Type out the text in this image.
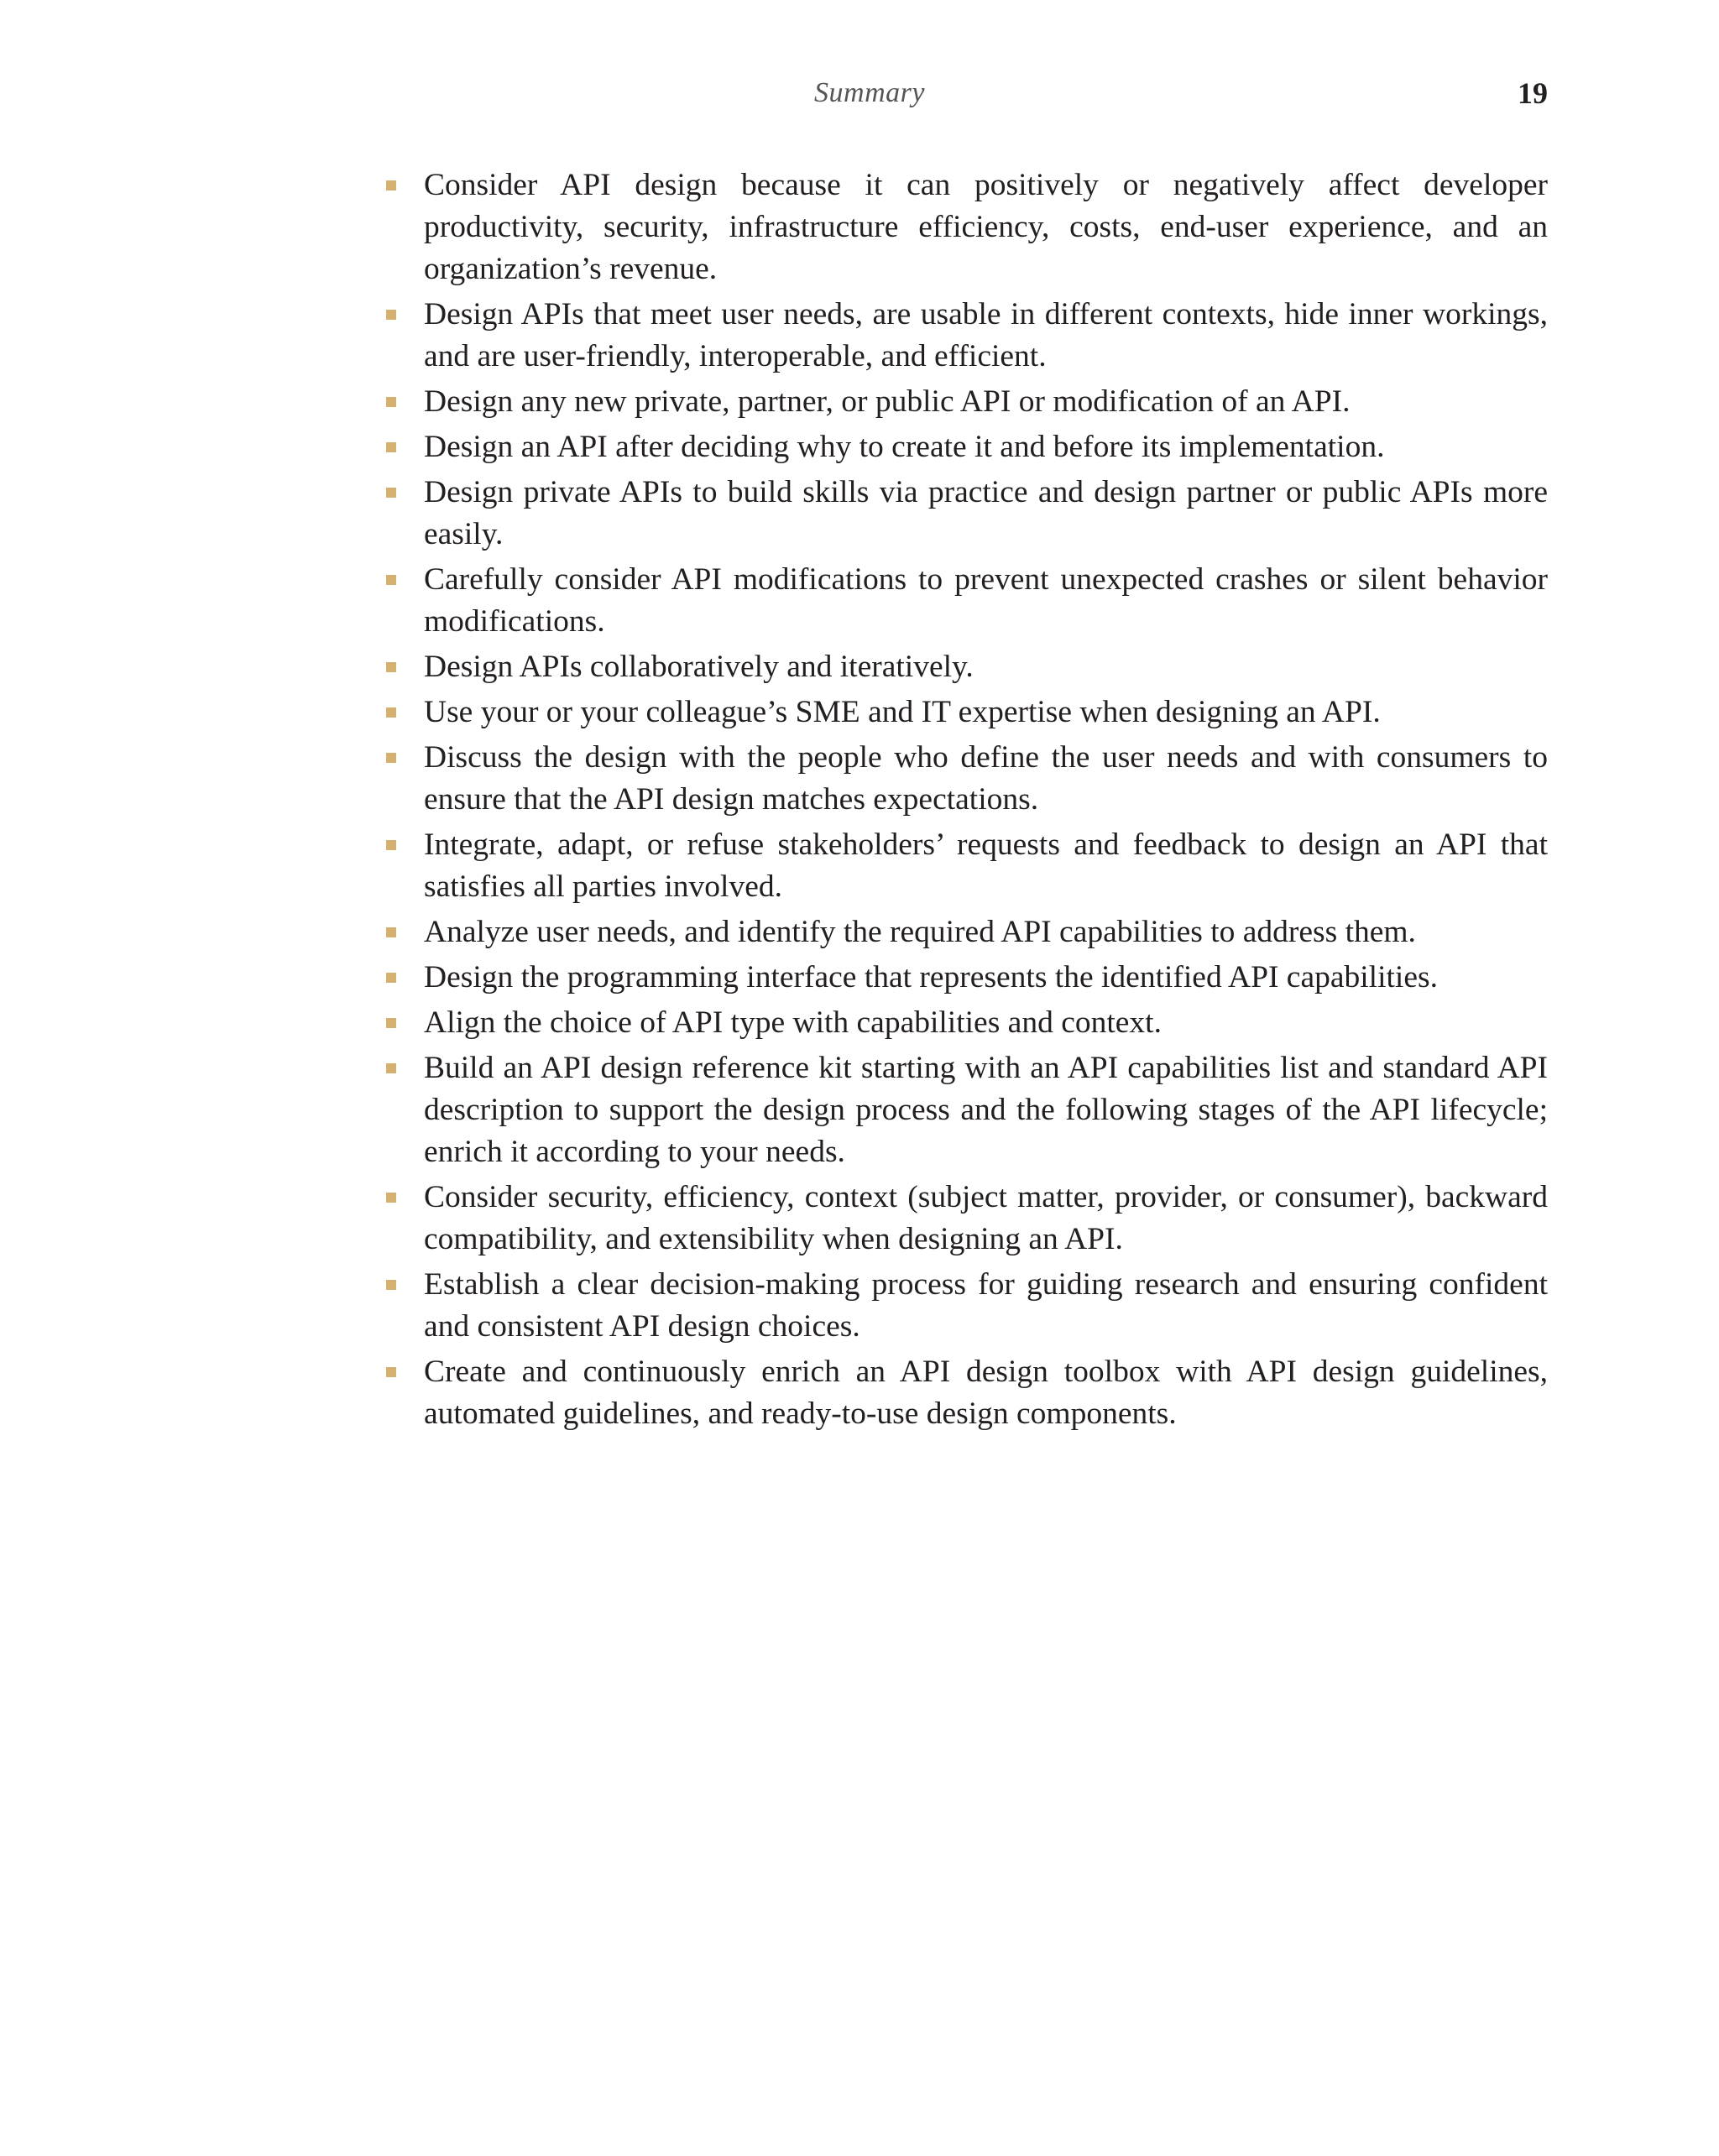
Summary	19
Consider API design because it can positively or negatively affect developer productivity, security, infrastructure efficiency, costs, end-user experience, and an organization’s revenue.
Design APIs that meet user needs, are usable in different contexts, hide inner workings, and are user-friendly, interoperable, and efficient.
Design any new private, partner, or public API or modification of an API.
Design an API after deciding why to create it and before its implementation.
Design private APIs to build skills via practice and design partner or public APIs more easily.
Carefully consider API modifications to prevent unexpected crashes or silent behavior modifications.
Design APIs collaboratively and iteratively.
Use your or your colleague’s SME and IT expertise when designing an API.
Discuss the design with the people who define the user needs and with consumers to ensure that the API design matches expectations.
Integrate, adapt, or refuse stakeholders’ requests and feedback to design an API that satisfies all parties involved.
Analyze user needs, and identify the required API capabilities to address them.
Design the programming interface that represents the identified API capabilities.
Align the choice of API type with capabilities and context.
Build an API design reference kit starting with an API capabilities list and standard API description to support the design process and the following stages of the API lifecycle; enrich it according to your needs.
Consider security, efficiency, context (subject matter, provider, or consumer), backward compatibility, and extensibility when designing an API.
Establish a clear decision-making process for guiding research and ensuring confident and consistent API design choices.
Create and continuously enrich an API design toolbox with API design guidelines, automated guidelines, and ready-to-use design components.
